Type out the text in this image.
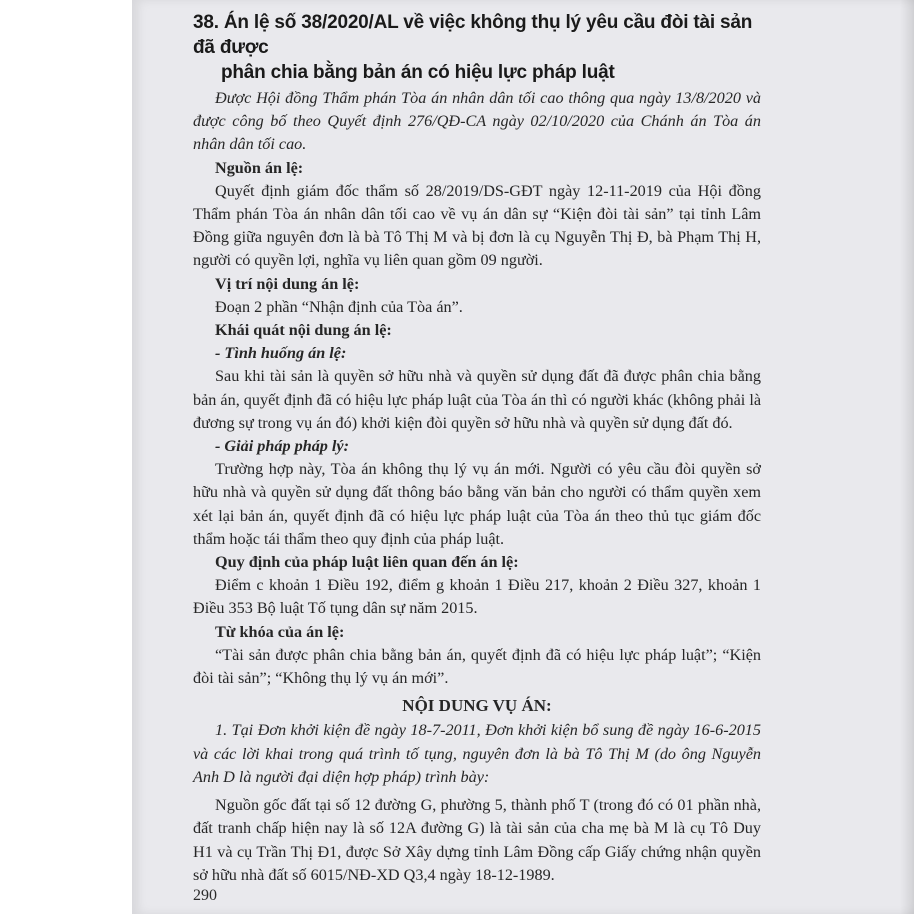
38. Án lệ số 38/2020/AL về việc không thụ lý yêu cầu đòi tài sản đã được
phân chia bằng bản án có hiệu lực pháp luật

Được Hội đồng Thẩm phán Tòa án nhân dân tối cao thông qua ngày 13/8/2020 và được công bố theo Quyết định 276/QĐ-CA ngày 02/10/2020 của Chánh án Tòa án nhân dân tối cao.

Nguồn án lệ:

Quyết định giám đốc thẩm số 28/2019/DS-GĐT ngày 12-11-2019 của Hội đồng Thẩm phán Tòa án nhân dân tối cao về vụ án dân sự “Kiện đòi tài sản” tại tỉnh Lâm Đồng giữa nguyên đơn là bà Tô Thị M và bị đơn là cụ Nguyễn Thị Đ, bà Phạm Thị H, người có quyền lợi, nghĩa vụ liên quan gồm 09 người.

Vị trí nội dung án lệ:

Đoạn 2 phần “Nhận định của Tòa án”.

Khái quát nội dung án lệ:

- Tình huống án lệ:

Sau khi tài sản là quyền sở hữu nhà và quyền sử dụng đất đã được phân chia bằng bản án, quyết định đã có hiệu lực pháp luật của Tòa án thì có người khác (không phải là đương sự trong vụ án đó) khởi kiện đòi quyền sở hữu nhà và quyền sử dụng đất đó.

- Giải pháp pháp lý:

Trường hợp này, Tòa án không thụ lý vụ án mới. Người có yêu cầu đòi quyền sở hữu nhà và quyền sử dụng đất thông báo bằng văn bản cho người có thẩm quyền xem xét lại bản án, quyết định đã có hiệu lực pháp luật của Tòa án theo thủ tục giám đốc thẩm hoặc tái thẩm theo quy định của pháp luật.

Quy định của pháp luật liên quan đến án lệ:

Điểm c khoản 1 Điều 192, điểm g khoản 1 Điều 217, khoản 2 Điều 327, khoản 1 Điều 353 Bộ luật Tố tụng dân sự năm 2015.

Từ khóa của án lệ:

“Tài sản được phân chia bằng bản án, quyết định đã có hiệu lực pháp luật”; “Kiện đòi tài sản”; “Không thụ lý vụ án mới”.

NỘI DUNG VỤ ÁN:

1. Tại Đơn khởi kiện đề ngày 18-7-2011, Đơn khởi kiện bổ sung đề ngày 16-6-2015 và các lời khai trong quá trình tố tụng, nguyên đơn là bà Tô Thị M (do ông Nguyễn Anh D là người đại diện hợp pháp) trình bày:

Nguồn gốc đất tại số 12 đường G, phường 5, thành phố T (trong đó có 01 phần nhà, đất tranh chấp hiện nay là số 12A đường G) là tài sản của cha mẹ bà M là cụ Tô Duy H1 và cụ Trần Thị Đ1, được Sở Xây dựng tỉnh Lâm Đồng cấp Giấy chứng nhận quyền sở hữu nhà đất số 6015/NĐ-XD Q3,4 ngày 18-12-1989.

290
